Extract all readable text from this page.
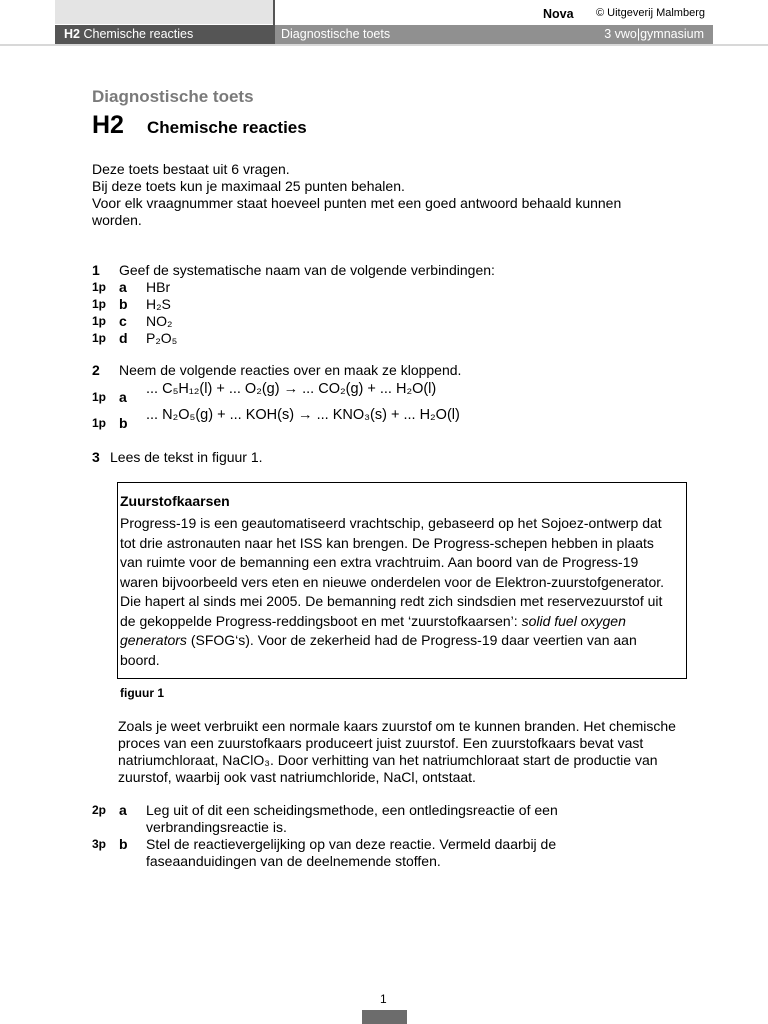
Nova © Uitgeverij Malmberg
H2 Chemische reacties	Diagnostische toets	3 vwo|gymnasium
Diagnostische toets
H2 Chemische reacties
Deze toets bestaat uit 6 vragen.
Bij deze toets kun je maximaal 25 punten behalen.
Voor elk vraagnummer staat hoeveel punten met een goed antwoord behaald kunnen worden.
1 Geef de systematische naam van de volgende verbindingen:
1p a HBr
1p b H₂S
1p c NO₂
1p d P₂O₅
2 Neem de volgende reacties over en maak ze kloppend.
1p a ... C₅H₁₂(l) + ... O₂(g) → ... CO₂(g) + ... H₂O(l)
1p b ... N₂O₅(g) + ... KOH(s) → ... KNO₃(s) + ... H₂O(l)
3 Lees de tekst in figuur 1.
Zuurstofkaarsen
Progress-19 is een geautomatiseerd vrachtschip, gebaseerd op het Sojoez-ontwerp dat tot drie astronauten naar het ISS kan brengen. De Progress-schepen hebben in plaats van ruimte voor de bemanning een extra vrachtruim. Aan boord van de Progress-19 waren bijvoorbeeld vers eten en nieuwe onderdelen voor de Elektron-zuurstofgenerator. Die hapert al sinds mei 2005. De bemanning redt zich sindsdien met reservezuurstof uit de gekoppelde Progress-reddingsboot en met ‘zuurstofkaarsen’: solid fuel oxygen generators (SFOG‘s). Voor de zekerheid had de Progress-19 daar veertien van aan boord.
figuur 1
Zoals je weet verbruikt een normale kaars zuurstof om te kunnen branden. Het chemische proces van een zuurstofkaars produceert juist zuurstof. Een zuurstofkaars bevat vast natriumchloraat, NaClO₃. Door verhitting van het natriumchloraat start de productie van zuurstof, waarbij ook vast natriumchloride, NaCl, ontstaat.
2p a Leg uit of dit een scheidingsmethode, een ontledingsreactie of een verbrandingsreactie is.
3p b Stel de reactievergelijking op van deze reactie. Vermeld daarbij de faseaanduidingen van de deelnemende stoffen.
1
